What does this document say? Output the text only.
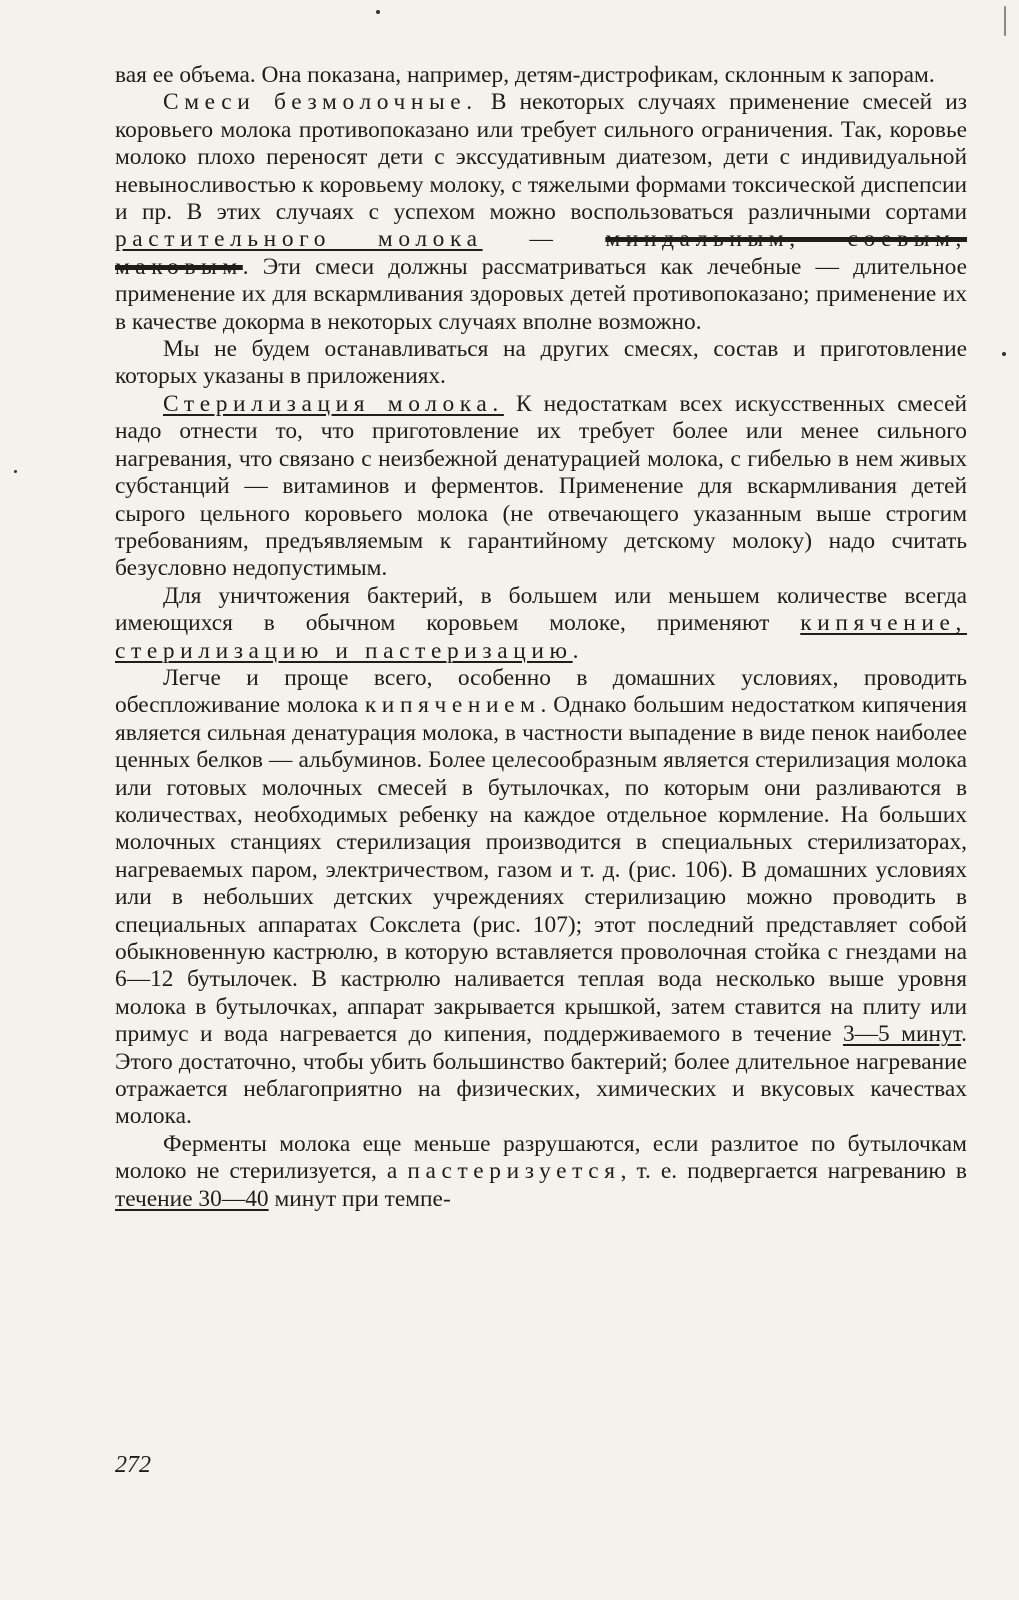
вая ее объема. Она показана, например, детям-дистрофикам, склонным к запорам.

Смеси безмолочные. В некоторых случаях применение смесей из коровьего молока противопоказано или требует сильного ограничения. Так, коровье молоко плохо переносят дети с экссудативным диатезом, дети с индивидуальной невыносливостью к коровьему молоку, с тяжелыми формами токсической диспепсии и пр. В этих случаях с успехом можно воспользоваться различными сортами растительного молока — миндальным, соевым, маковым. Эти смеси должны рассматриваться как лечебные — длительное применение их для вскармливания здоровых детей противопоказано; применение их в качестве докорма в некоторых случаях вполне возможно.

Мы не будем останавливаться на других смесях, состав и приготовление которых указаны в приложениях.

Стерилизация молока. К недостаткам всех искусственных смесей надо отнести то, что приготовление их требует более или менее сильного нагревания, что связано с неизбежной денатурацией молока, с гибелью в нем живых субстанций — витаминов и ферментов. Применение для вскармливания детей сырого цельного коровьего молока (не отвечающего указанным выше строгим требованиям, предъявляемым к гарантийному детскому молоку) надо считать безусловно недопустимым.

Для уничтожения бактерий, в большем или меньшем количестве всегда имеющихся в обычном коровьем молоке, применяют кипячение, стерилизацию и пастеризацию.

Легче и проще всего, особенно в домашних условиях, проводить обеспложивание молока кипячением. Однако большим недостатком кипячения является сильная денатурация молока, в частности выпадение в виде пенок наиболее ценных белков — альбуминов. Более целесообразным является стерилизация молока или готовых молочных смесей в бутылочках, по которым они разливаются в количествах, необходимых ребенку на каждое отдельное кормление. На больших молочных станциях стерилизация производится в специальных стерилизаторах, нагреваемых паром, электричеством, газом и т. д. (рис. 106). В домашних условиях или в небольших детских учреждениях стерилизацию можно проводить в специальных аппаратах Сокслета (рис. 107); этот последний представляет собой обыкновенную кастрюлю, в которую вставляется проволочная стойка с гнездами на 6—12 бутылочек. В кастрюлю наливается теплая вода несколько выше уровня молока в бутылочках, аппарат закрывается крышкой, затем ставится на плиту или примус и вода нагревается до кипения, поддерживаемого в течение 3—5 минут. Этого достаточно, чтобы убить большинство бактерий; более длительное нагревание отражается неблагоприятно на физических, химических и вкусовых качествах молока.

Ферменты молока еще меньше разрушаются, если разлитое по бутылочкам молоко не стерилизуется, а пастеризуется, т. е. подвергается нагреванию в течение 30—40 минут при темпе-

272
